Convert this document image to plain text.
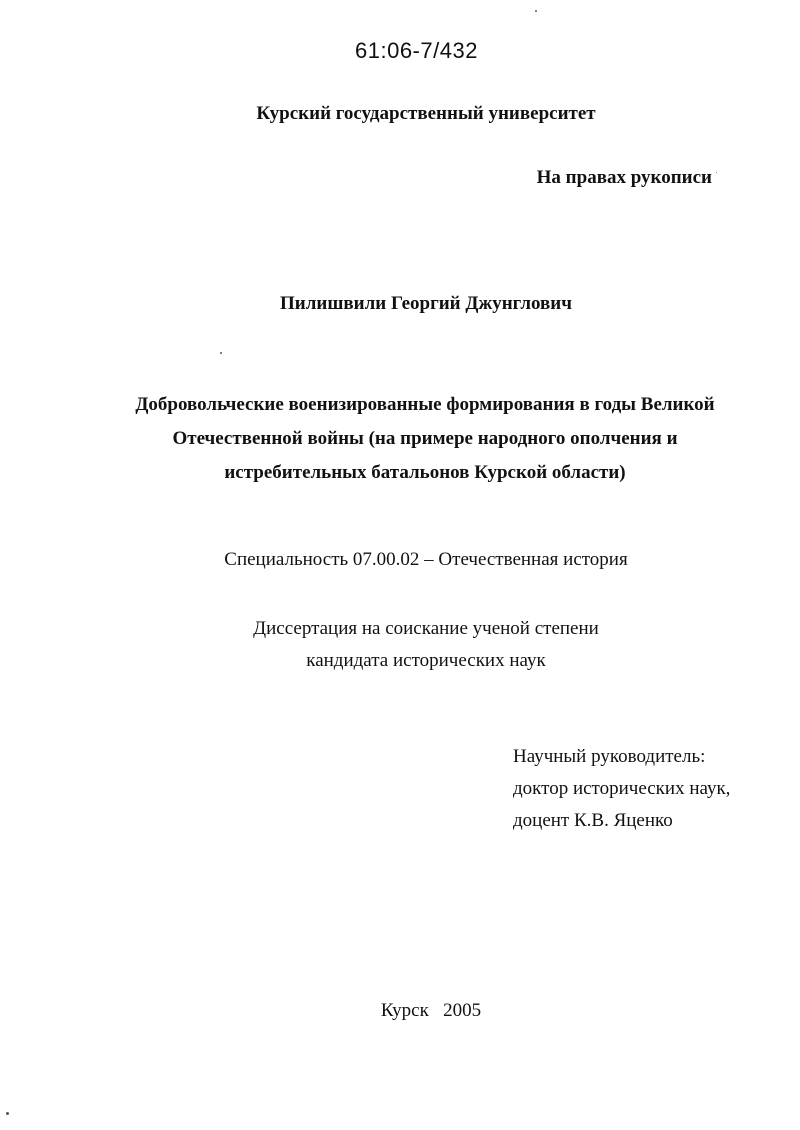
61:06-7/432
Курский государственный университет
На правах рукописи
Пилишвили Георгий Джунглович
Добровольческие военизированные формирования в годы Великой
Отечественной войны (на примере народного ополчения и
истребительных батальонов Курской области)
Специальность 07.00.02 – Отечественная история
Диссертация на соискание ученой степени
кандидата исторических наук
Научный руководитель:
доктор исторических наук,
доцент К.В. Яценко
Курск 2005
